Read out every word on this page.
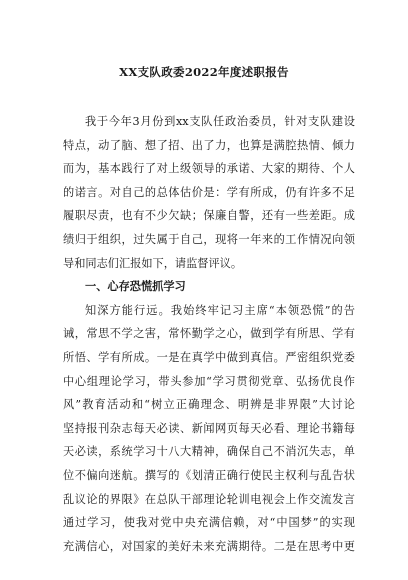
XX支队政委2022年度述职报告
我于今年3月份到xx支队任政治委员，针对支队建设
特点，动了脑、想了招、出了力，也算是满腔热情、倾力
而为，基本践行了对上级领导的承诺、大家的期待、个人
的诺言。对自己的总体估价是：学有所成，仍有许多不足
履职尽责，也有不少欠缺；保廉自警，还有一些差距。成
绩归于组织，过失属于自己，现将一年来的工作情况向领
导和同志们汇报如下，请监督评议。
一、心存恐慌抓学习
知深方能行远。我始终牢记习主席“本领恐慌”的告
诫，常思不学之害，常怀勤学之心，做到学有所思、学有
所悟、学有所成。一是在真学中做到真信。严密组织党委
中心组理论学习，带头参加“学习贯彻党章、弘扬优良作
风”教育活动和“树立正确理念、明辨是非界限”大讨论
坚持报刊杂志每天必读、新闻网页每天必看、理论书籍每
天必读，系统学习十八大精神，确保自己不消沉失志，单
位不偏向迷航。撰写的《划清正确行使民主权利与乱告状
乱议论的界限》在总队干部理论轮训电视会上作交流发言
通过学习，使我对党中央充满信赖，对“中国梦”的实现
充满信心，对国家的美好未来充满期待。二是在思考中更
